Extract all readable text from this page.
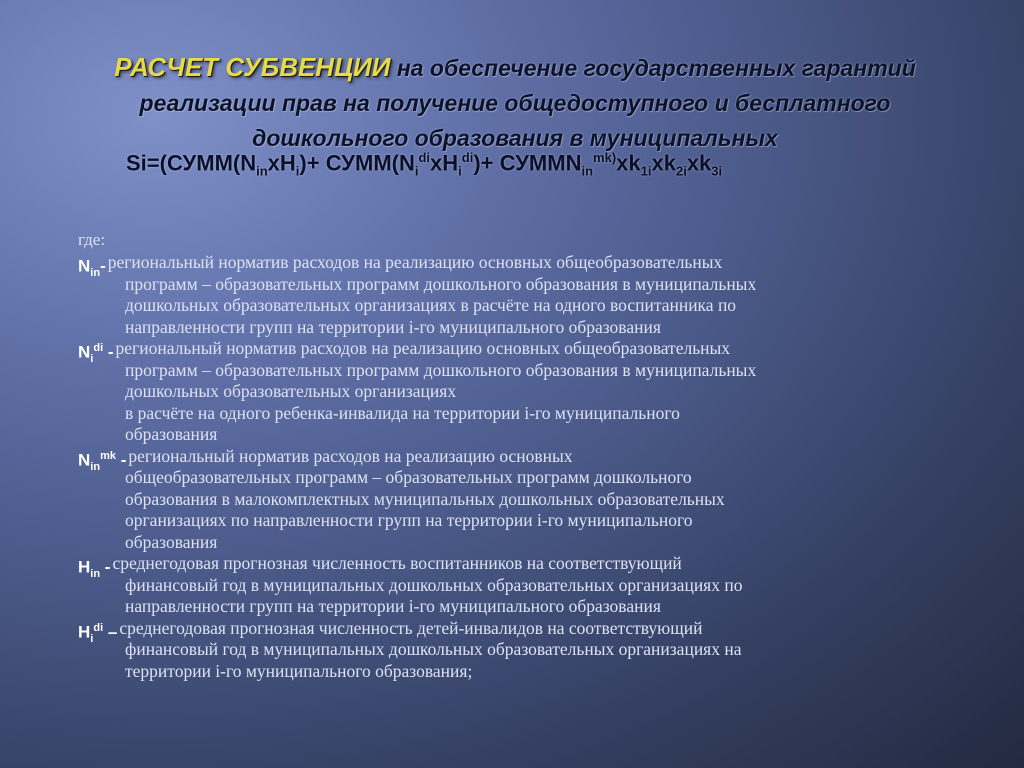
РАСЧЕТ СУБВЕНЦИИ на обеспечение государственных гарантий
реализации прав на получение общедоступного и бесплатного
дошкольного образования в муниципальных
$Si=(СУММ(N_{in}хH_i)+$ $СУММ(N_i^{di}хH_i^{di})+$ $СУММN_{in}^{mk)}хk_{1i}хk_{2i}хk_{3i}$
где:
$N_{in}-$ региональный норматив расходов на реализацию основных общеобразовательных
программ – образовательных программ дошкольного образования в муниципальных
дошкольных образовательных организациях в расчёте на одного воспитанника по
направленности групп на территории i-го муниципального образования
$N_i^{di}$ - региональный норматив расходов на реализацию основных общеобразовательных
программ – образовательных программ дошкольного образования в муниципальных
дошкольных образовательных организациях
в расчёте на одного ребенка-инвалида на территории i-го муниципального
образования
$N_{in}^{mk}$ - региональный норматив расходов на реализацию основных
общеобразовательных программ – образовательных программ дошкольного
образования в малокомплектных муниципальных дошкольных образовательных
организациях по направленности групп на территории i-го муниципального
образования
$H_{in}$ - среднегодовая прогнозная численность воспитанников на соответствующий
финансовый год в муниципальных дошкольных образовательных организациях по
направленности групп на территории i-го муниципального образования
$H_i^{di}$ – среднегодовая прогнозная численность детей-инвалидов на соответствующий
финансовый год в муниципальных дошкольных образовательных организациях на
территории i-го муниципального образования;
